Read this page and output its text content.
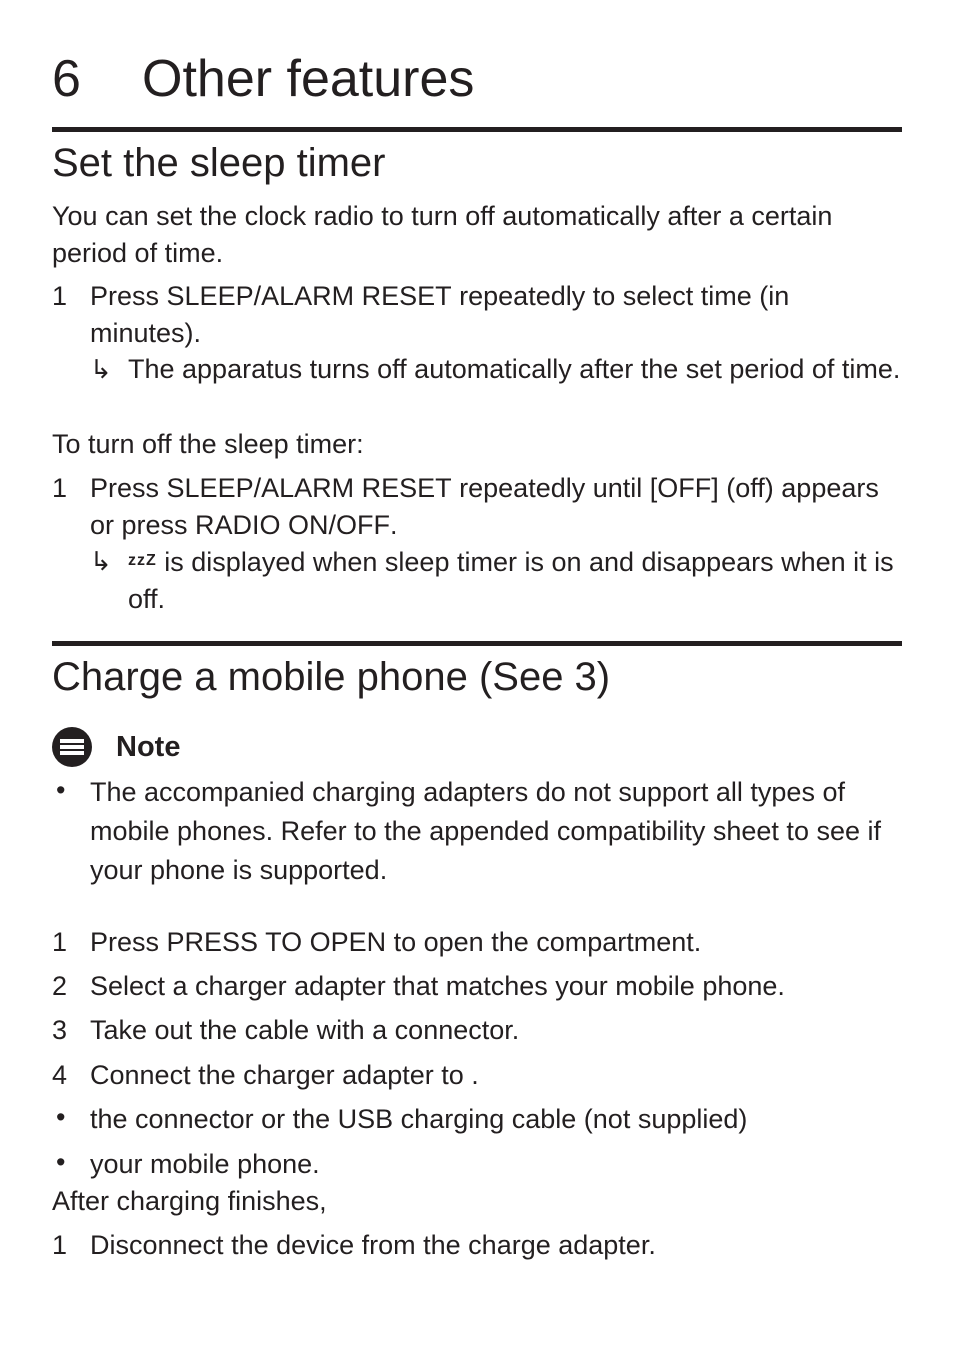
6 Other features
Set the sleep timer

You can set the clock radio to turn off automatically after a certain period of time.

1 Press SLEEP/ALARM RESET repeatedly to select time (in minutes).
↳ The apparatus turns off automatically after the set period of time.

To turn off the sleep timer:

1 Press SLEEP/ALARM RESET repeatedly until [OFF] (off) appears or press RADIO ON/OFF.
↳ $^{zzZ}$ is displayed when sleep timer is on and disappears when it is off.
Charge a mobile phone (See 3)
Note
• The accompanied charging adapters do not support all types of mobile phones. Refer to the appended compatibility sheet to see if your phone is supported.
1 Press PRESS TO OPEN to open the compartment.
2 Select a charger adapter that matches your mobile phone.
3 Take out the cable with a connector.
4 Connect the charger adapter to .
• the connector or the USB charging cable (not supplied)
• your mobile phone.

After charging finishes,

1 Disconnect the device from the charge adapter.
